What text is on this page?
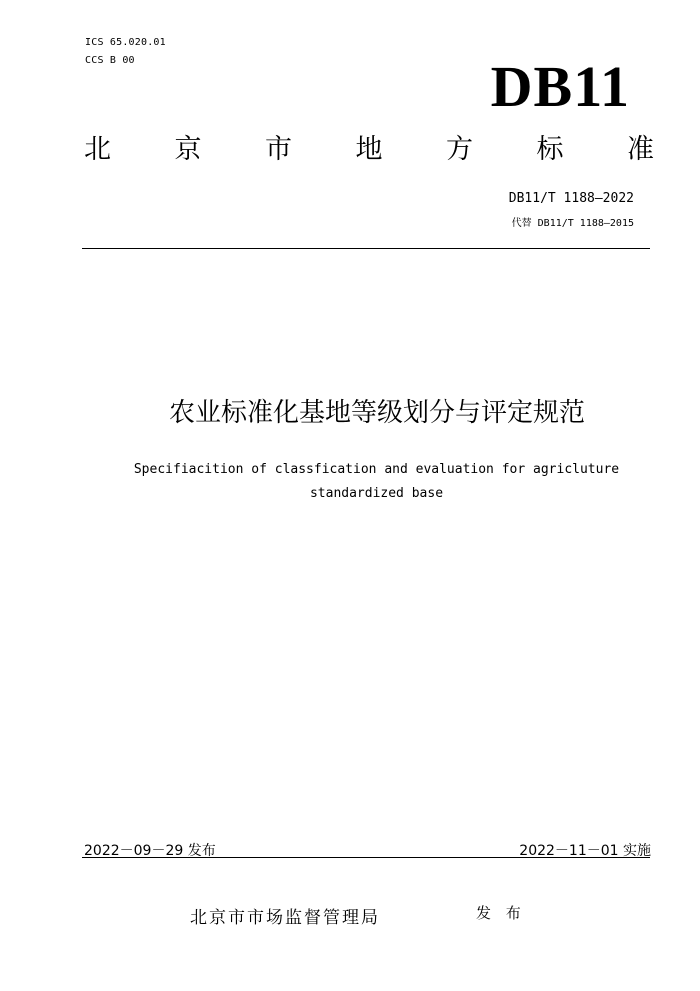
ICS 65.020.01
CCS B 00	DB11
北 京 市 地 方 标 准
DB11/T 1188—2022
代替 DB11/T 1188—2015
农业标准化基地等级划分与评定规范
Specifiacition of classfication and evaluation for agricluture
standardized base
2022－09－29 发布	2022－11－01 实施
北京市市场监督管理局	发 布
